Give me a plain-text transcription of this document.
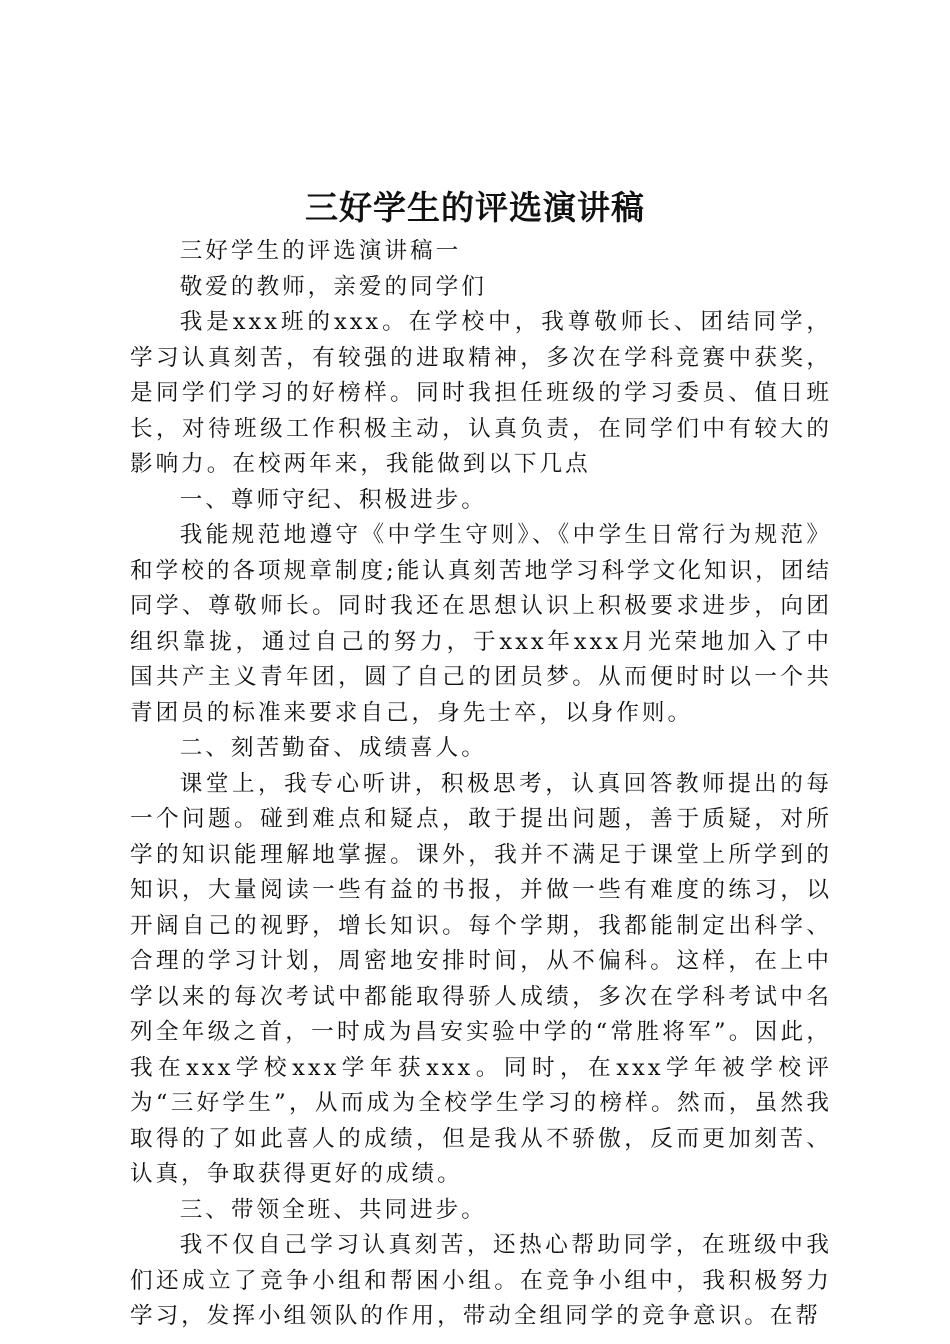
三好学生的评选演讲稿

三好学生的评选演讲稿一

敬爱的教师，亲爱的同学们

我是xxx班的xxx。在学校中，我尊敬师长、团结同学，学习认真刻苦，有较强的进取精神，多次在学科竞赛中获奖，是同学们学习的好榜样。同时我担任班级的学习委员、值日班长，对待班级工作积极主动，认真负责，在同学们中有较大的影响力。在校两年来，我能做到以下几点

一、尊师守纪、积极进步。

我能规范地遵守《中学生守则》、《中学生日常行为规范》和学校的各项规章制度;能认真刻苦地学习科学文化知识，团结同学、尊敬师长。同时我还在思想认识上积极要求进步，向团组织靠拢，通过自己的努力，于xxx年xxx月光荣地加入了中国共产主义青年团，圆了自己的团员梦。从而便时时以一个共青团员的标准来要求自己，身先士卒，以身作则。

二、刻苦勤奋、成绩喜人。

课堂上，我专心听讲，积极思考，认真回答教师提出的每一个问题。碰到难点和疑点，敢于提出问题，善于质疑，对所学的知识能理解地掌握。课外，我并不满足于课堂上所学到的知识，大量阅读一些有益的书报，并做一些有难度的练习，以开阔自己的视野，增长知识。每个学期，我都能制定出科学、合理的学习计划，周密地安排时间，从不偏科。这样，在上中学以来的每次考试中都能取得骄人成绩，多次在学科考试中名列全年级之首，一时成为昌安实验中学的“常胜将军”。因此，我在xxx学校xxx学年获xxx。同时，在xxx学年被学校评为“三好学生”，从而成为全校学生学习的榜样。然而，虽然我取得的了如此喜人的成绩，但是我从不骄傲，反而更加刻苦、认真，争取获得更好的成绩。

三、带领全班、共同进步。

我不仅自己学习认真刻苦，还热心帮助同学，在班级中我们还成立了竞争小组和帮困小组。在竞争小组中，我积极努力学习，发挥小组领队的作用，带动全组同学的竞争意识。在帮
